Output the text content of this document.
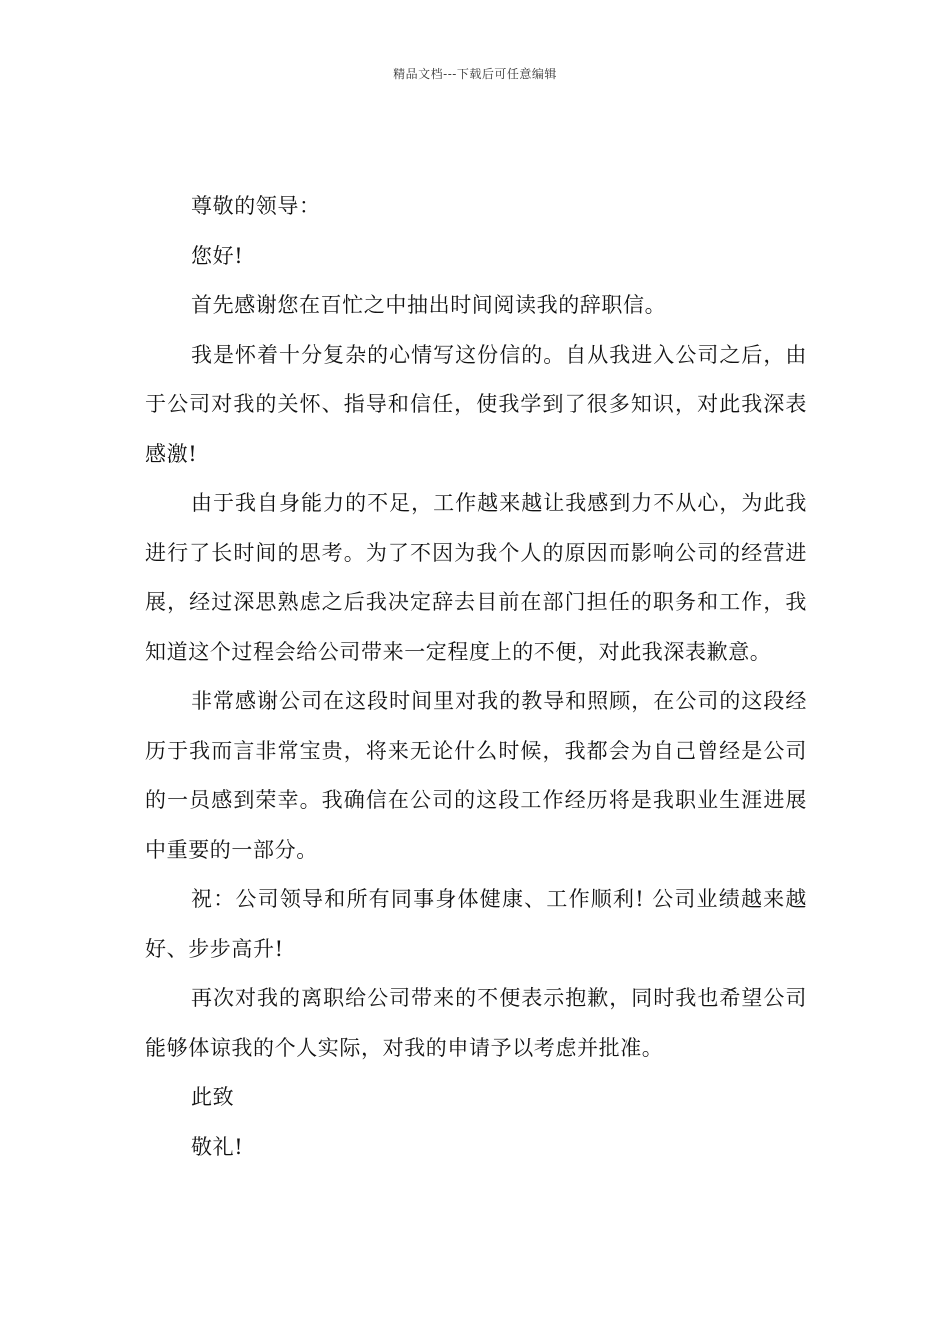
精品文档---下载后可任意编辑

尊敬的领导：

您好!

首先感谢您在百忙之中抽出时间阅读我的辞职信。

我是怀着十分复杂的心情写这份信的。自从我进入公司之后，由于公司对我的关怀、指导和信任，使我学到了很多知识，对此我深表感激!

由于我自身能力的不足，工作越来越让我感到力不从心，为此我进行了长时间的思考。为了不因为我个人的原因而影响公司的经营进展，经过深思熟虑之后我决定辞去目前在部门担任的职务和工作，我知道这个过程会给公司带来一定程度上的不便，对此我深表歉意。

非常感谢公司在这段时间里对我的教导和照顾，在公司的这段经历于我而言非常宝贵，将来无论什么时候，我都会为自己曾经是公司的一员感到荣幸。我确信在公司的这段工作经历将是我职业生涯进展中重要的一部分。

祝：公司领导和所有同事身体健康、工作顺利! 公司业绩越来越好、步步高升!

再次对我的离职给公司带来的不便表示抱歉，同时我也希望公司能够体谅我的个人实际，对我的申请予以考虑并批准。

此致

敬礼!
